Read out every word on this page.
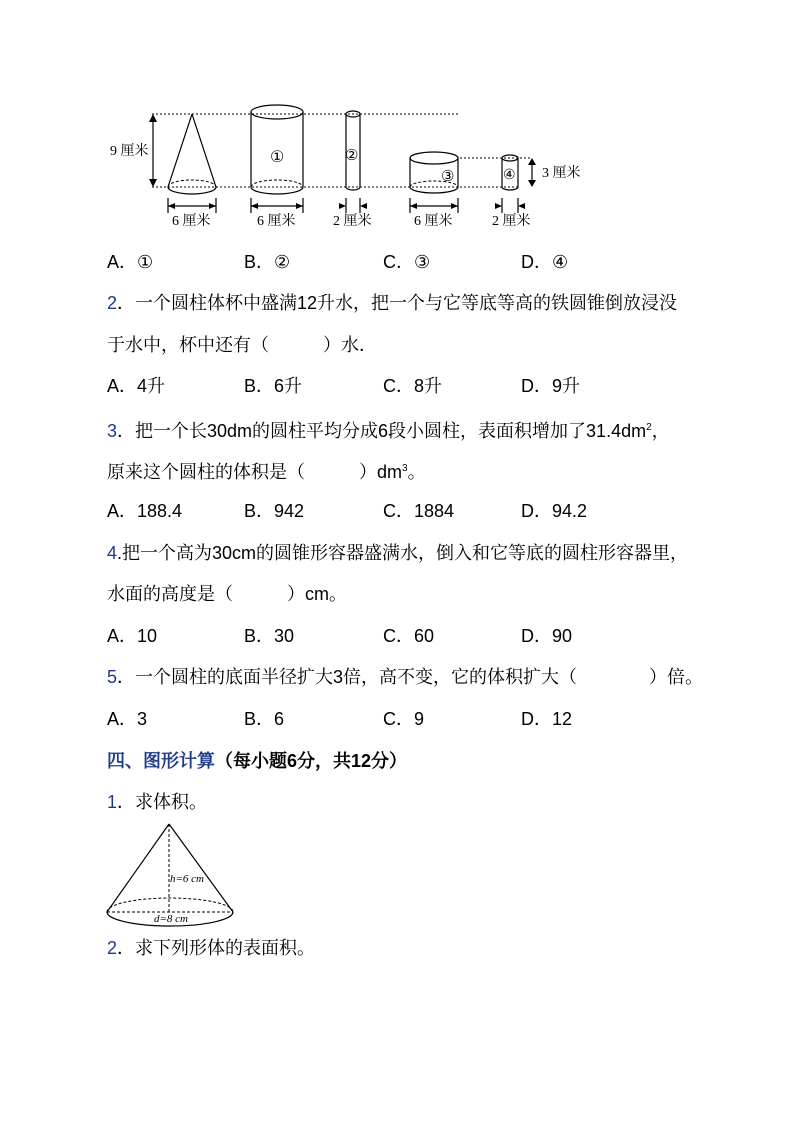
9 厘米	①	②
③	④ 3 厘米
6 厘米	6 厘米	2 厘米	6 厘米	2 厘米
A．①	B．②	C．③	D．④
2．一个圆柱体杯中盛满12升水，把一个与它等底等高的铁圆锥倒放浸没
于水中，杯中还有（　　　）水．
A．4升	B．6升	C．8升	D．9升
3．把一个长30dm的圆柱平均分成6段小圆柱，表面积增加了$31.4dm^2$，
原来这个圆柱的体积是（　　　）$dm^3$。
A．188.4	B．942	C．1884	D．94.2
4.把一个高为30cm的圆锥形容器盛满水，倒入和它等底的圆柱形容器里，
水面的高度是（　　　）cm。
A．10	B．30	C．60	D．90
5．一个圆柱的底面半径扩大3倍，高不变，它的体积扩大（　　　　）倍。
A．3	B．6	C．9	D．12
四、图形计算（每小题6分，共12分）
1．求体积。
h=6 cm
d=8 cm
2．求下列形体的表面积。
